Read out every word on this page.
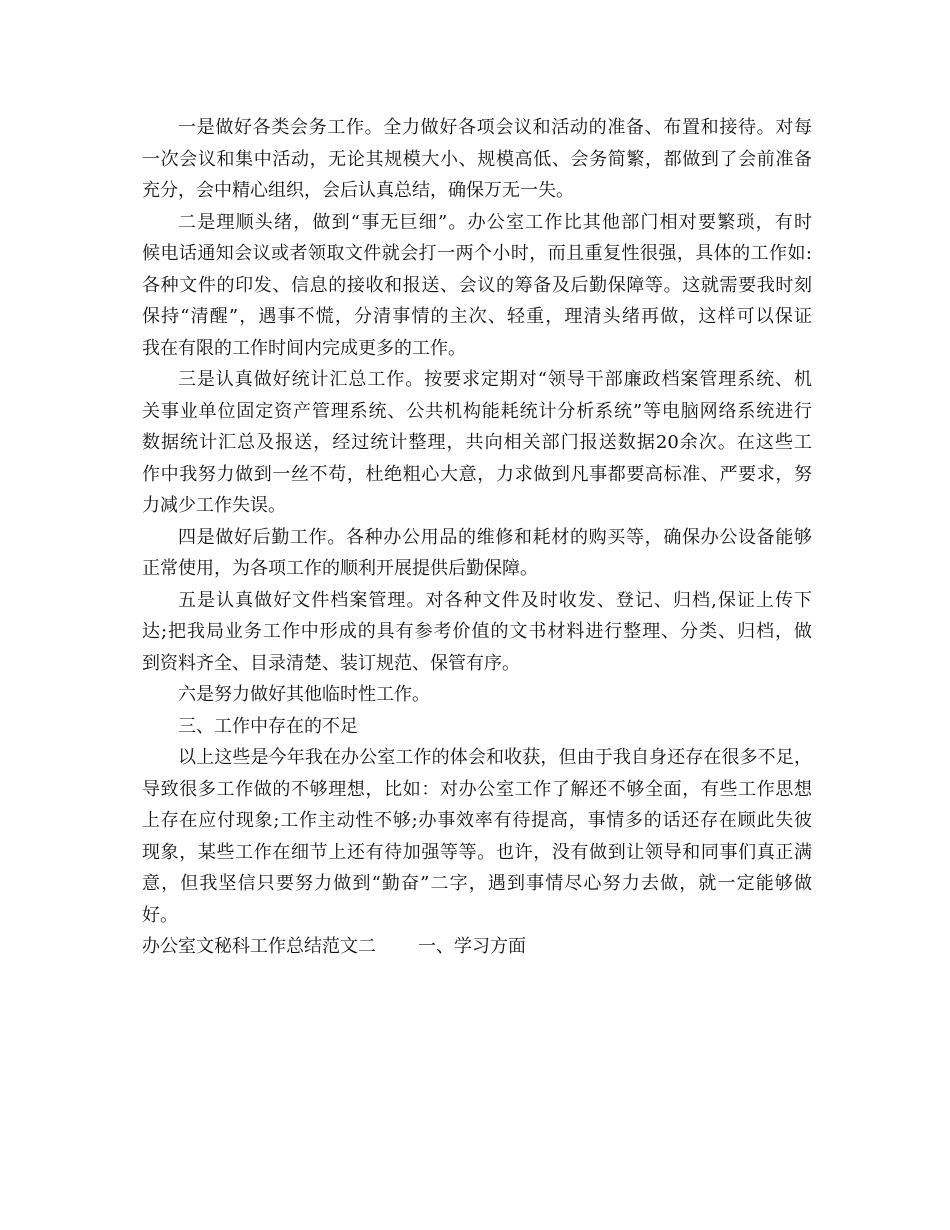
一是做好各类会务工作。全力做好各项会议和活动的准备、布置和接待。对每
一次会议和集中活动，无论其规模大小、规模高低、会务简繁，都做到了会前准备
充分，会中精心组织，会后认真总结，确保万无一失。
二是理顺头绪，做到“事无巨细”。办公室工作比其他部门相对要繁琐，有时
候电话通知会议或者领取文件就会打一两个小时，而且重复性很强，具体的工作如:
各种文件的印发、信息的接收和报送、会议的筹备及后勤保障等。这就需要我时刻
保持“清醒”，遇事不慌，分清事情的主次、轻重，理清头绪再做，这样可以保证
我在有限的工作时间内完成更多的工作。
三是认真做好统计汇总工作。按要求定期对“领导干部廉政档案管理系统、机
关事业单位固定资产管理系统、公共机构能耗统计分析系统”等电脑网络系统进行
数据统计汇总及报送，经过统计整理，共向相关部门报送数据20余次。在这些工
作中我努力做到一丝不苟，杜绝粗心大意，力求做到凡事都要高标准、严要求，努
力减少工作失误。
四是做好后勤工作。各种办公用品的维修和耗材的购买等，确保办公设备能够
正常使用，为各项工作的顺利开展提供后勤保障。
五是认真做好文件档案管理。对各种文件及时收发、登记、归档,保证上传下
达;把我局业务工作中形成的具有参考价值的文书材料进行整理、分类、归档，做
到资料齐全、目录清楚、装订规范、保管有序。
六是努力做好其他临时性工作。
三、工作中存在的不足
以上这些是今年我在办公室工作的体会和收获，但由于我自身还存在很多不足，
导致很多工作做的不够理想，比如：对办公室工作了解还不够全面，有些工作思想
上存在应付现象;工作主动性不够;办事效率有待提高，事情多的话还存在顾此失彼
现象，某些工作在细节上还有待加强等等。也许，没有做到让领导和同事们真正满
意，但我坚信只要努力做到“勤奋”二字，遇到事情尽心努力去做，就一定能够做
好。
办公室文秘科工作总结范文二 一、学习方面
